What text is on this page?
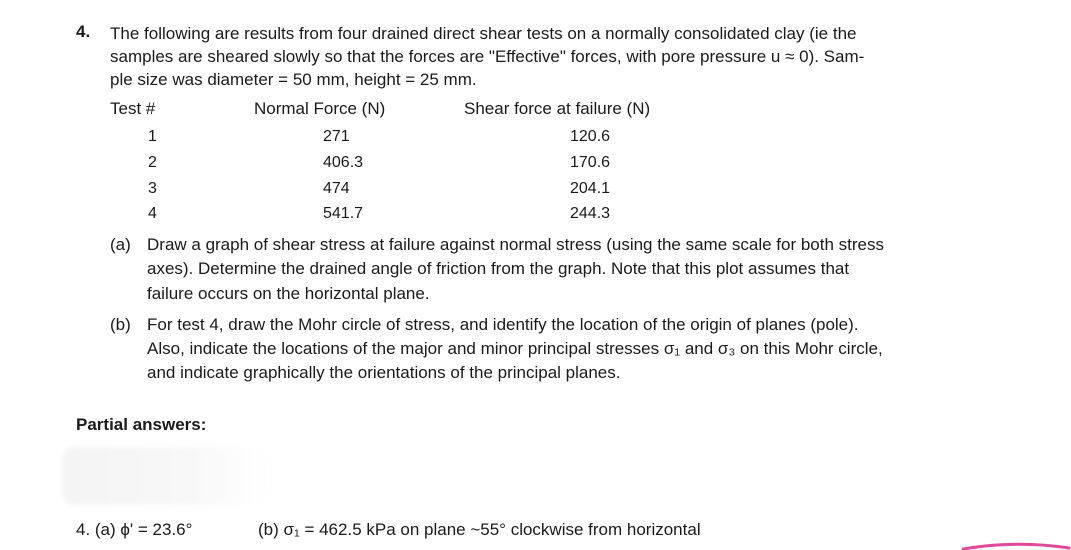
4. The following are results from four drained direct shear tests on a normally consolidated clay (ie the
samples are sheared slowly so that the forces are "Effective" forces, with pore pressure u ≈ 0). Sam-
ple size was diameter = 50 mm, height = 25 mm.
Test #	Normal Force (N)	Shear force at failure (N)
1	271	120.6
2	406.3	170.6
3	474	204.1
4	541.7	244.3
(a) Draw a graph of shear stress at failure against normal stress (using the same scale for both stress
axes). Determine the drained angle of friction from the graph. Note that this plot assumes that
failure occurs on the horizontal plane.
(b) For test 4, draw the Mohr circle of stress, and identify the location of the origin of planes (pole).
Also, indicate the locations of the major and minor principal stresses σ₁ and σ₃ on this Mohr circle,
and indicate graphically the orientations of the principal planes.
Partial answers:
4. (a) ϕ' = 23.6°	(b) σ₁ = 462.5 kPa on plane ~55° clockwise from horizontal
